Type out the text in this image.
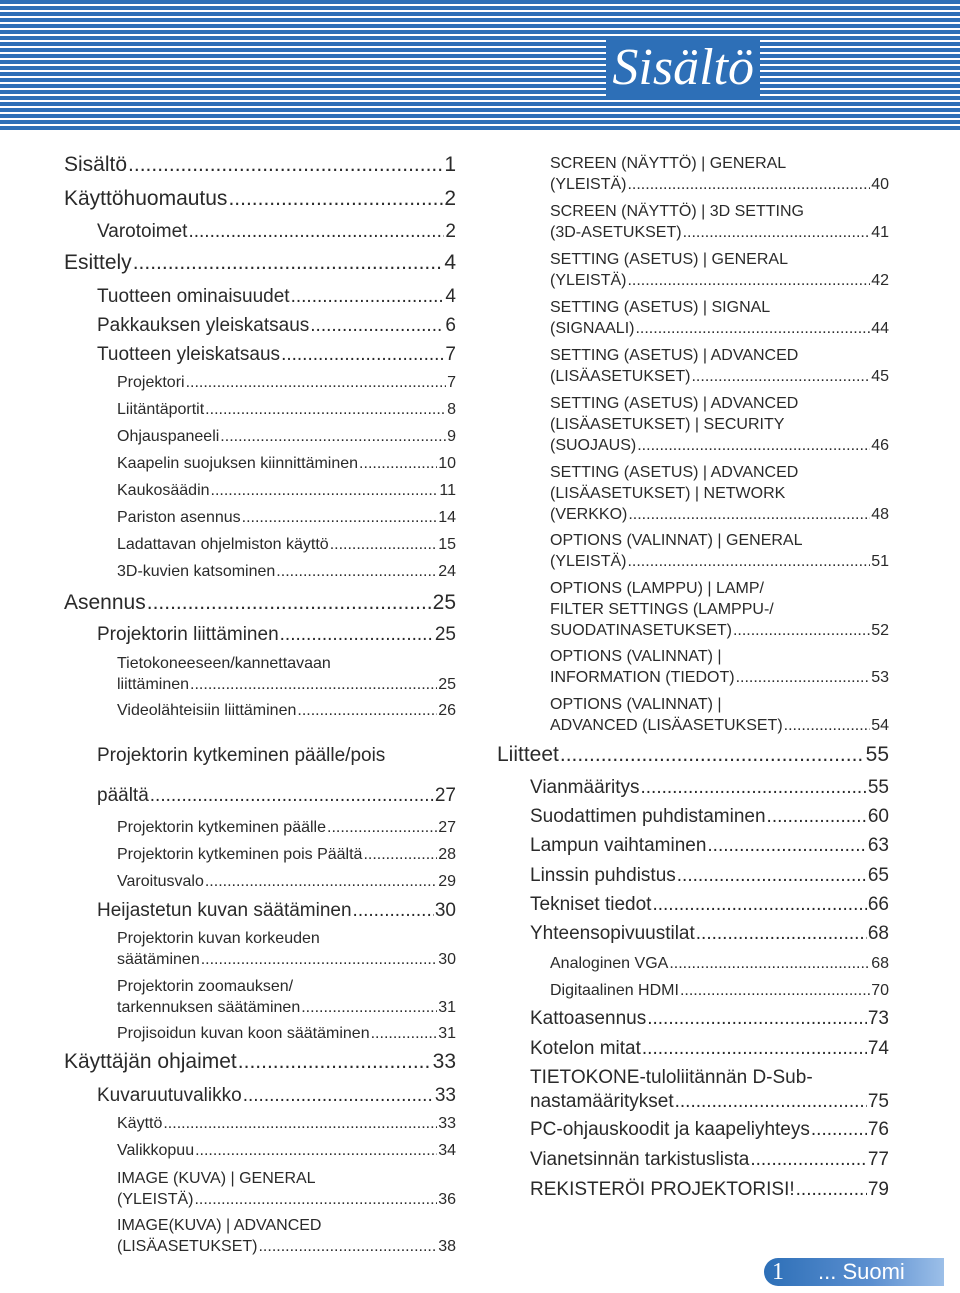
Sisältö
Sisältö .....	1
Käyttöhuomautus .....	2
Varotoimet .....	2
Esittely .....	4
Tuotteen ominaisuudet .....	4
Pakkauksen yleiskatsaus .....	6
Tuotteen yleiskatsaus .....	7
Projektori .....	7
Liitäntäportit .....	8
Ohjauspaneeli .....	9
Kaapelin suojuksen kiinnittäminen .....	10
Kaukosäädin .....	11
Pariston asennus .....	14
Ladattavan ohjelmiston käyttö .....	15
3D-kuvien katsominen .....	24
Asennus .....	25
Projektorin liittäminen .....	25
Tietokoneeseen/kannettavaan
liittäminen .....	25
Videolähteisiin liittäminen .....	26
Projektorin kytkeminen päälle/pois
päältä .....	27
Projektorin kytkeminen päälle .....	27
Projektorin kytkeminen pois Päältä .....	28
Varoitusvalo .....	29
Heijastetun kuvan säätäminen .....	30
Projektorin kuvan korkeuden
säätäminen .....	30
Projektorin zoomauksen/
tarkennuksen säätäminen .....	31
Projisoidun kuvan koon säätäminen .....	31
Käyttäjän ohjaimet .....	33
Kuvaruutuvalikko .....	33
Käyttö .....	33
Valikkopuu .....	34
IMAGE (KUVA) | GENERAL
(YLEISTÄ) .....	36
IMAGE(KUVA) | ADVANCED
(LISÄASETUKSET) .....	38
SCREEN (NÄYTTÖ) | GENERAL
(YLEISTÄ) .....	40
SCREEN (NÄYTTÖ) | 3D SETTING
(3D-ASETUKSET) .....	41
SETTING (ASETUS) | GENERAL
(YLEISTÄ) .....	42
SETTING (ASETUS) | SIGNAL
(SIGNAALI) .....	44
SETTING (ASETUS) | ADVANCED
(LISÄASETUKSET) .....	45
SETTING (ASETUS) | ADVANCED
(LISÄASETUKSET) | SECURITY
(SUOJAUS) .....	46
SETTING (ASETUS) | ADVANCED
(LISÄASETUKSET) | NETWORK
(VERKKO) .....	48
OPTIONS (VALINNAT) | GENERAL
(YLEISTÄ) .....	51
OPTIONS (LAMPPU) | LAMP/
FILTER SETTINGS (LAMPPU-/
SUODATINASETUKSET) .....	52
OPTIONS (VALINNAT) |
INFORMATION (TIEDOT) .....	53
OPTIONS (VALINNAT) |
ADVANCED (LISÄASETUKSET) .....	54
Liitteet .....	55
Vianmääritys .....	55
Suodattimen puhdistaminen .....	60
Lampun vaihtaminen .....	63
Linssin puhdistus .....	65
Tekniset tiedot .....	66
Yhteensopivuustilat .....	68
Analoginen VGA .....	68
Digitaalinen HDMI .....	70
Kattoasennus .....	73
Kotelon mitat .....	74
TIETOKONE-tuloliitännän D-Sub-
nastamääritykset .....	75
PC-ohjauskoodit ja kaapeliyhteys .....	76
Vianetsinnän tarkistuslista .....	77
REKISTERÖI PROJEKTORISI! .....	79
1 ... Suomi
